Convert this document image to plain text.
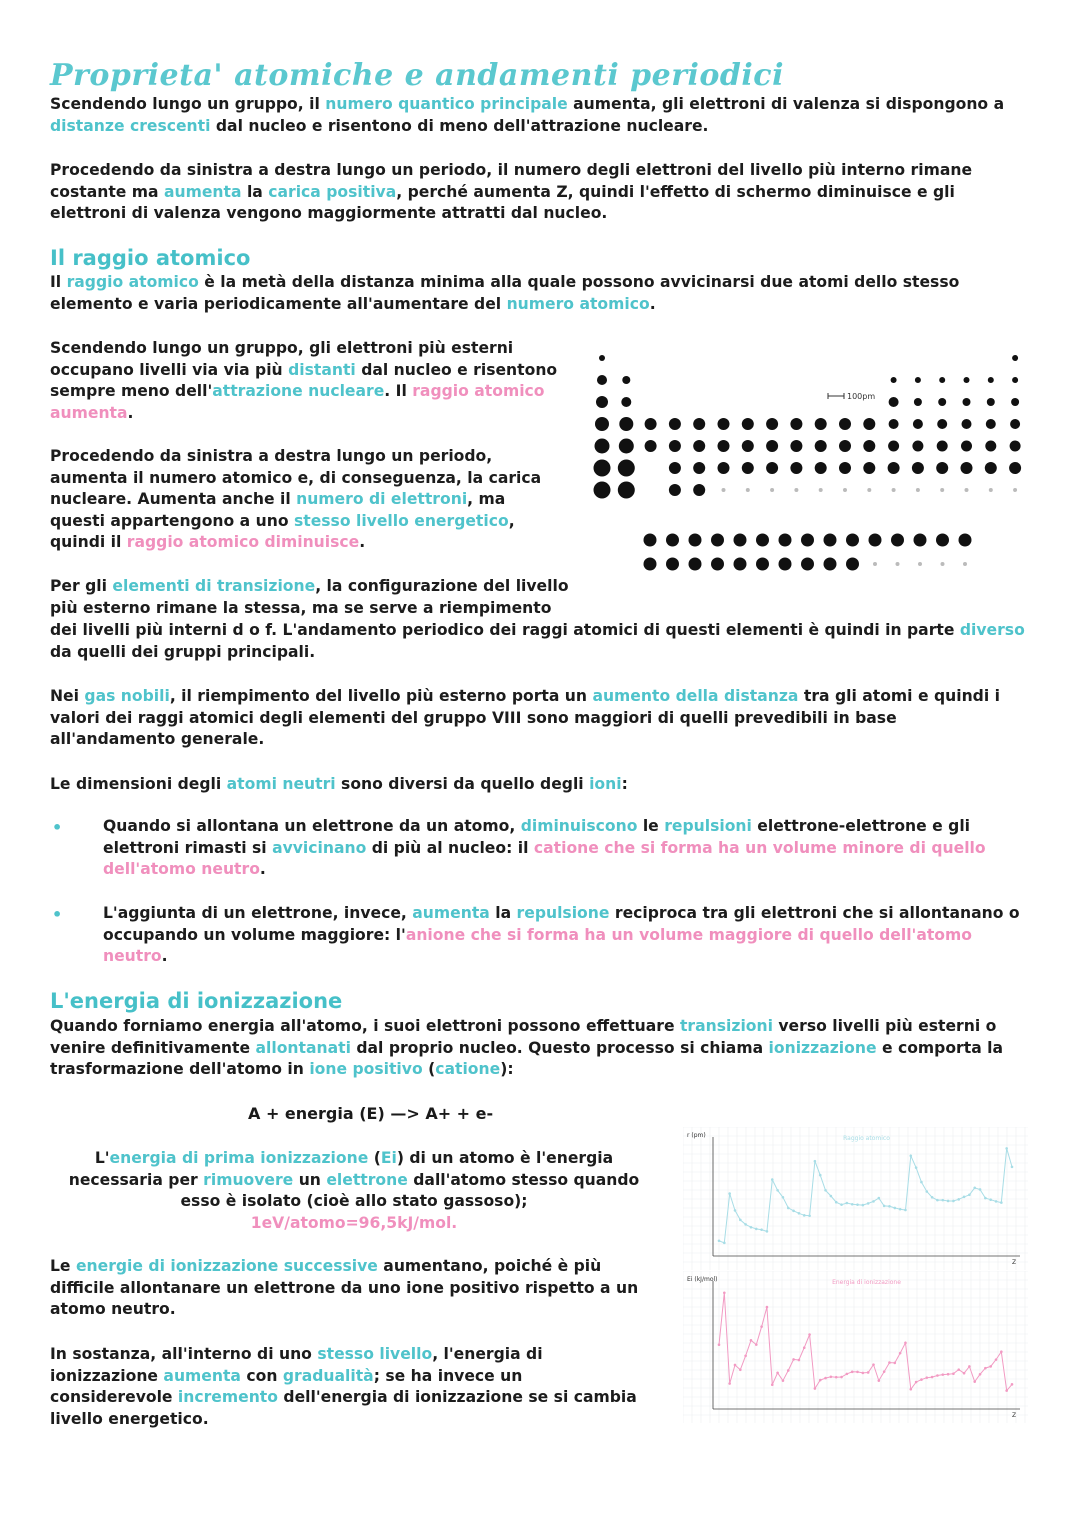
Proprieta' atomiche e andamenti periodici

Scendendo lungo un gruppo, il numero quantico principale aumenta, gli elettroni di valenza si dispongono a distanze crescenti dal nucleo e risentono di meno dell'attrazione nucleare.

Procedendo da sinistra a destra lungo un periodo, il numero degli elettroni del livello più interno rimane costante ma aumenta la carica positiva, perché aumenta Z, quindi l'effetto di schermo diminuisce e gli elettroni di valenza vengono maggiormente attratti dal nucleo.

Il raggio atomico

Il raggio atomico è la metà della distanza minima alla quale possono avvicinarsi due atomi dello stesso elemento e varia periodicamente all'aumentare del numero atomico.

Scendendo lungo un gruppo, gli elettroni più esterni occupano livelli via via più distanti dal nucleo e risentono sempre meno dell'attrazione nucleare. Il raggio atomico aumenta.

Procedendo da sinistra a destra lungo un periodo, aumenta il numero atomico e, di conseguenza, la carica nucleare. Aumenta anche il numero di elettroni, ma questi appartengono a uno stesso livello energetico, quindi il raggio atomico diminuisce.

100pm

Per gli elementi di transizione, la configurazione del livello più esterno rimane la stessa, ma se serve a riempimento

dei livelli più interni d o f. L'andamento periodico dei raggi atomici di questi elementi è quindi in parte diverso da quelli dei gruppi principali.

Nei gas nobili, il riempimento del livello più esterno porta un aumento della distanza tra gli atomi e quindi i valori dei raggi atomici degli elementi del gruppo VIII sono maggiori di quelli prevedibili in base all'andamento generale.

Le dimensioni degli atomi neutri sono diversi da quello degli ioni:

•	Quando si allontana un elettrone da un atomo, diminuiscono le repulsioni elettrone-elettrone e gli elettroni rimasti si avvicinano di più al nucleo: il catione che si forma ha un volume minore di quello dell'atomo neutro.

•	L'aggiunta di un elettrone, invece, aumenta la repulsione reciproca tra gli elettroni che si allontanano o occupando un volume maggiore: l'anione che si forma ha un volume maggiore di quello dell'atomo neutro.

L'energia di ionizzazione

Quando forniamo energia all'atomo, i suoi elettroni possono effettuare transizioni verso livelli più esterni o venire definitivamente allontanati dal proprio nucleo. Questo processo si chiama ionizzazione e comporta la trasformazione dell'atomo in ione positivo (catione):

A + energia (E) —> A+ + e-

L'energia di prima ionizzazione (Ei) di un atomo è l'energia necessaria per rimuovere un elettrone dall'atomo stesso quando esso è isolato (cioè allo stato gassoso);
1eV/atomo=96,5kJ/mol.

Le energie di ionizzazione successive aumentano, poiché è più difficile allontanare un elettrone da uno ione positivo rispetto a un atomo neutro.

In sostanza, all'interno di uno stesso livello, l'energia di ionizzazione aumenta con gradualità; se ha invece un considerevole incremento dell'energia di ionizzazione se si cambia livello energetico.

r (pm)
Z
Raggio atomico
Ei (kJ/mol)
Z
Energia di ionizzazione
